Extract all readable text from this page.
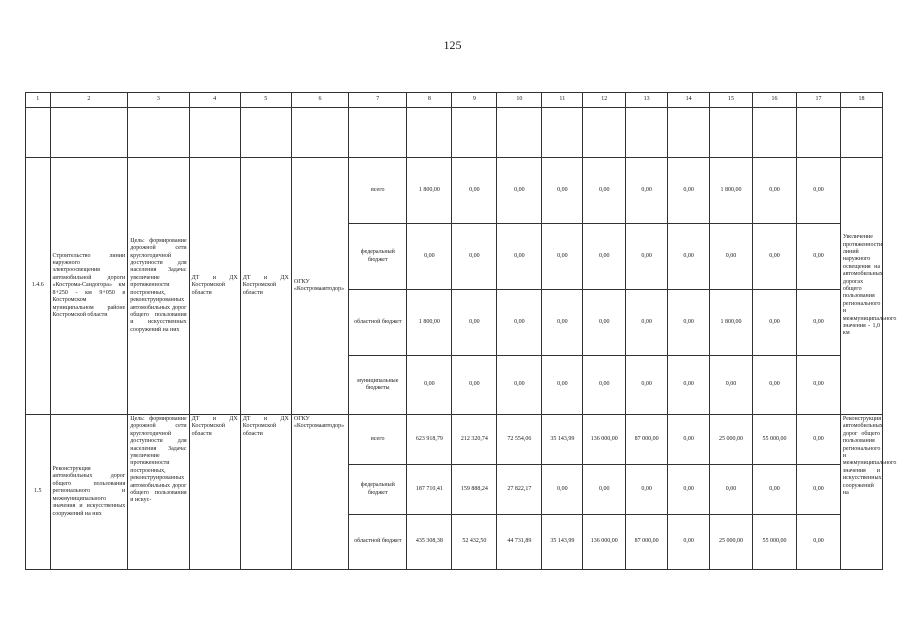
125
1	2	3	4	5	6	7	8	9	10	11	12	13	14	15	16	17	18

1.4.6	Строительство линии наружного электроосвещения автомобильной дороги «Кострома-Сандогора» км 8+250 - км 9+050 в Костромском муниципальном районе Костромской области	Цель: формирование дорожной сети круглогодичной доступности для населения Задача: увеличение протяженности построенных, реконструированных автомобильных дорог общего пользования и искусственных сооружений на них	ДТ и ДХ Костромской области	ДТ и ДХ Костромской области	ОГКУ «Костромаавтодор»	всего	1 800,00	0,00	0,00	0,00	0,00	0,00	0,00	1 800,00	0,00	0,00	Увеличение протяженности линий наружного освещения на автомобильных дорогах общего пользования регионального и межмуниципального значения - 1,0 км
						федеральный бюджет	0,00	0,00	0,00	0,00	0,00	0,00	0,00	0,00	0,00	0,00	
						областной бюджет	1 800,00	0,00	0,00	0,00	0,00	0,00	0,00	1 800,00	0,00	0,00	
						муниципальные бюджеты	0,00	0,00	0,00	0,00	0,00	0,00	0,00	0,00	0,00	0,00	
1.5	Реконструкция автомобильных дорог общего пользования регионального и межмуниципального значения и искусственных сооружений на них	Цель: формирование дорожной сети круглогодичной доступности для населения Задача: увеличение протяженности построенных, реконструированных автомобильных дорог общего пользования и искус-	ДТ и ДХ Костромской области	ДТ и ДХ Костромской области	ОГКУ «Костромаавтодор»	всего	623 918,79	212 320,74	72 554,06	35 143,99	136 000,00	87 000,00	0,00	25 000,00	55 000,00	0,00	Реконструкция автомобильных дорог общего пользования регионального и межмуниципального значения и искусственных сооружений на
						федеральный бюджет	187 710,41	159 888,24	27 822,17	0,00	0,00	0,00	0,00	0,00	0,00	0,00	
						областной бюджет	435 308,38	52 432,50	44 731,89	35 143,99	136 000,00	87 000,00	0,00	25 000,00	55 000,00	0,00	
